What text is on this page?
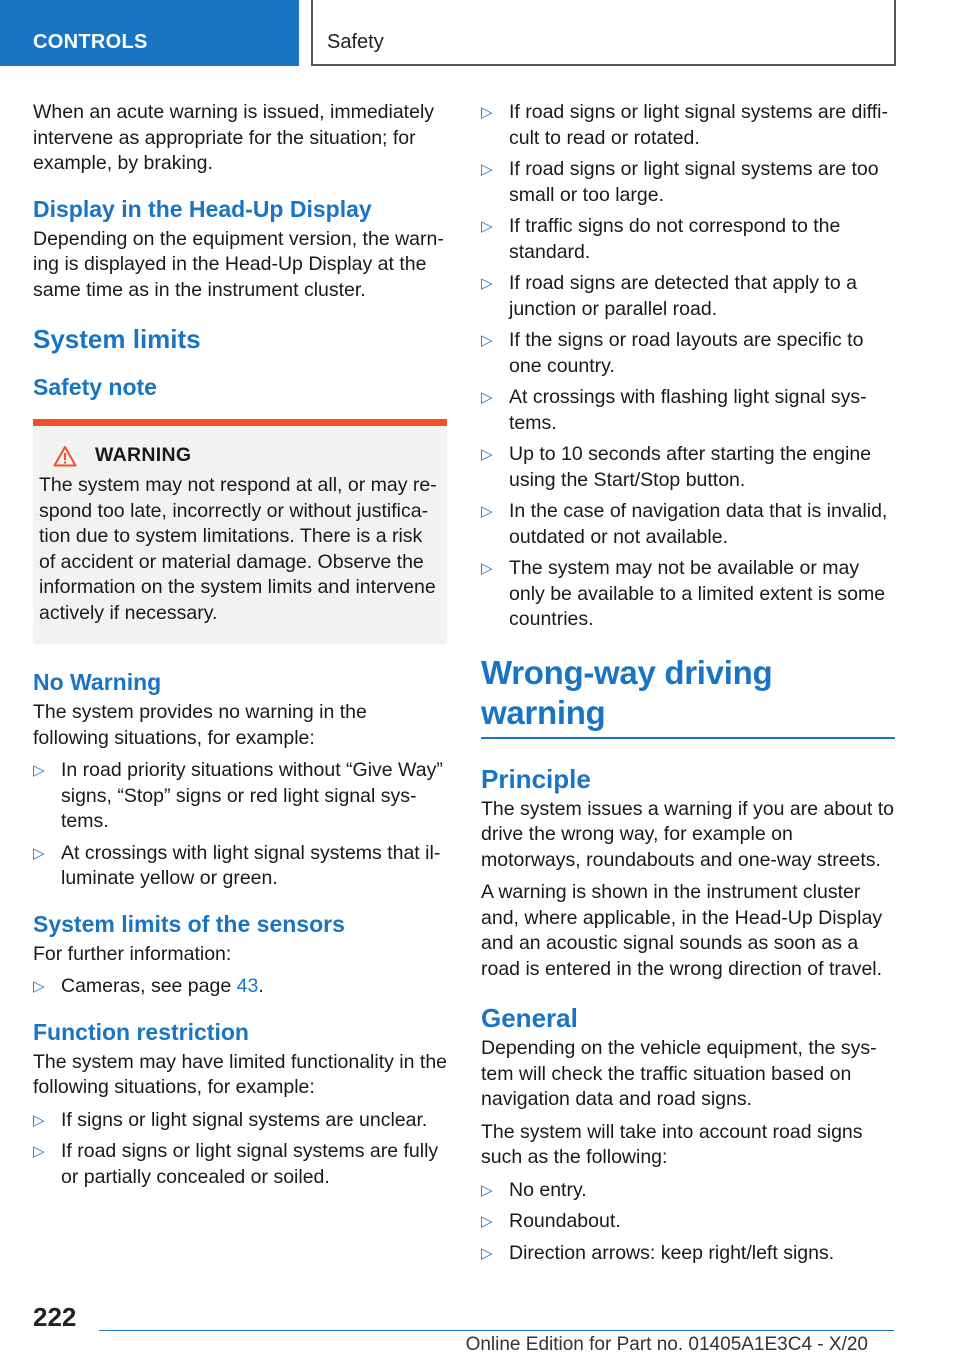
CONTROLS	Safety

When an acute warning is issued, immediately intervene as appropriate for the situation; for example, by braking.

Display in the Head-Up Display

Depending on the equipment version, the warning is displayed in the Head-Up Display at the same time as in the instrument cluster.

System limits
Safety note
WARNING

The system may not respond at all, or may respond too late, incorrectly or without justification due to system limitations. There is a risk of accident or material damage. Observe the information on the system limits and intervene actively if necessary.

No Warning

The system provides no warning in the following situations, for example:

▷ In road priority situations without “Give Way” signs, “Stop” signs or red light signal systems.
▷ At crossings with light signal systems that illuminate yellow or green.
System limits of the sensors

For further information:

▷ Cameras, see page 43.
Function restriction

The system may have limited functionality in the following situations, for example:

▷ If signs or light signal systems are unclear.
▷ If road signs or light signal systems are fully or partially concealed or soiled.
▷ If road signs or light signal systems are difficult to read or rotated.
▷ If road signs or light signal systems are too small or too large.
▷ If traffic signs do not correspond to the standard.
▷ If road signs are detected that apply to a junction or parallel road.
▷ If the signs or road layouts are specific to one country.
▷ At crossings with flashing light signal systems.
▷ Up to 10 seconds after starting the engine using the Start/Stop button.
▷ In the case of navigation data that is invalid, outdated or not available.
▷ The system may not be available or may only be available to a limited extent is some countries.
Wrong-way driving warning
Principle

The system issues a warning if you are about to drive the wrong way, for example on motorways, roundabouts and one-way streets.

A warning is shown in the instrument cluster and, where applicable, in the Head-Up Display and an acoustic signal sounds as soon as a road is entered in the wrong direction of travel.

General

Depending on the vehicle equipment, the system will check the traffic situation based on navigation data and road signs.

The system will take into account road signs such as the following:

▷ No entry.
▷ Roundabout.
▷ Direction arrows: keep right/left signs.
222
Online Edition for Part no. 01405A1E3C4 - X/20
